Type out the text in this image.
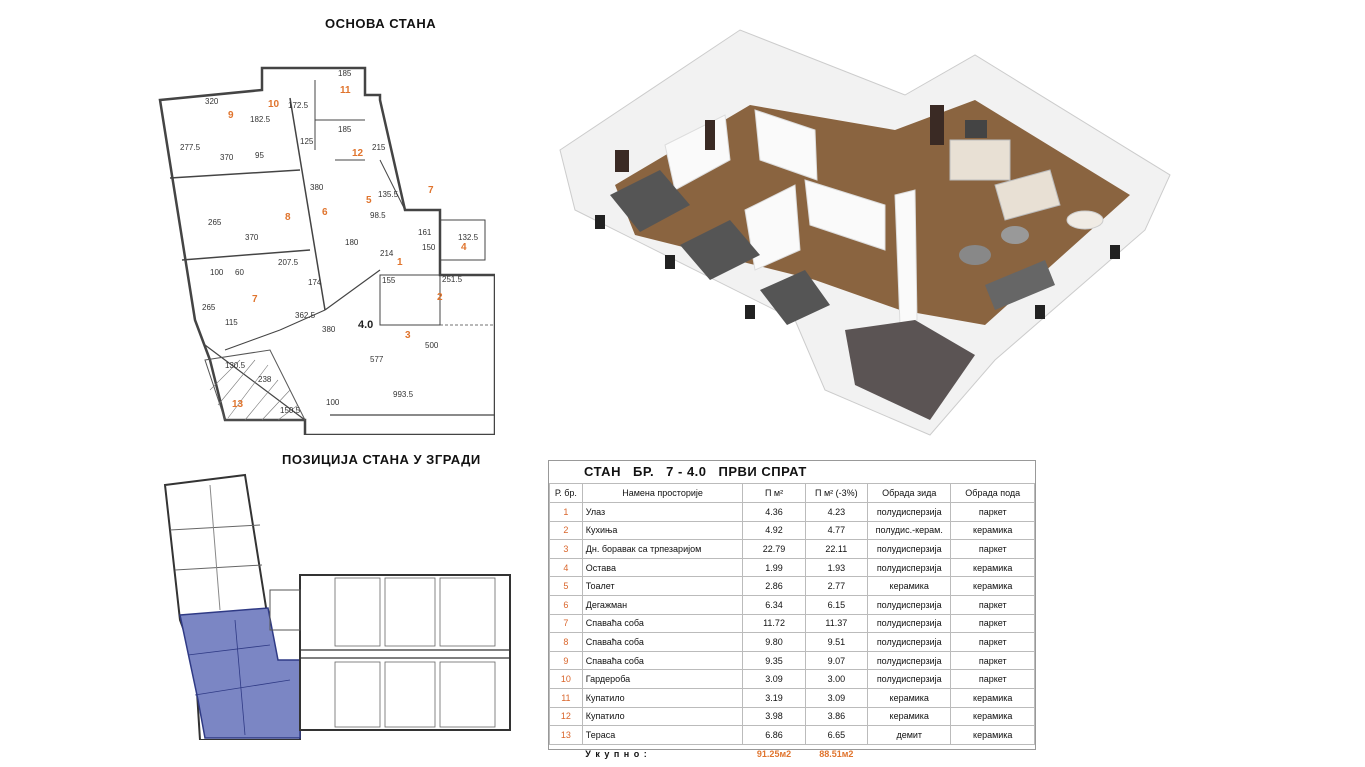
ОСНОВА СТАНА
ПОЗИЦИЈА СТАНА У ЗГРАДИ
1
2
3
4
5
6
7
8
9
10
11
12
13
4.0
7
320
185
182.5
172.5
277.5
370	95
185
125
215
380
265
370
135.5
98.5
214
180
161
150
132.5
207.5
100 60
155	251.5
174
265
115
362.5
380
130.5
238
100
577
500
993.5
150.5
СТАН БР. 7 - 4.0 ПРВИ СПРАТ
Р. бр.	Намена просторије	П м²	П м² (-3%)	Обрада зида	Обрада пода
1	Улаз	4.36	4.23	полудисперзија	паркет
2	Кухиња	4.92	4.77	полудис.-керам.	керамика
3	Дн. боравак са трпезаријом	22.79	22.11	полудисперзија	паркет
4	Остава	1.99	1.93	полудисперзија	керамика
5	Тоалет	2.86	2.77	керамика	керамика
6	Дегажман	6.34	6.15	полудисперзија	паркет
7	Спаваћа соба	11.72	11.37	полудисперзија	паркет
8	Спаваћа соба	9.80	9.51	полудисперзија	паркет
9	Спаваћа соба	9.35	9.07	полудисперзија	паркет
10	Гардероба	3.09	3.00	полудисперзија	паркет
11	Купатило	3.19	3.09	керамика	керамика
12	Купатило	3.98	3.86	керамика	керамика
13	Тераса	6.86	6.65	демит	керамика
	У к у п н о :	91.25м2	88.51м2		
